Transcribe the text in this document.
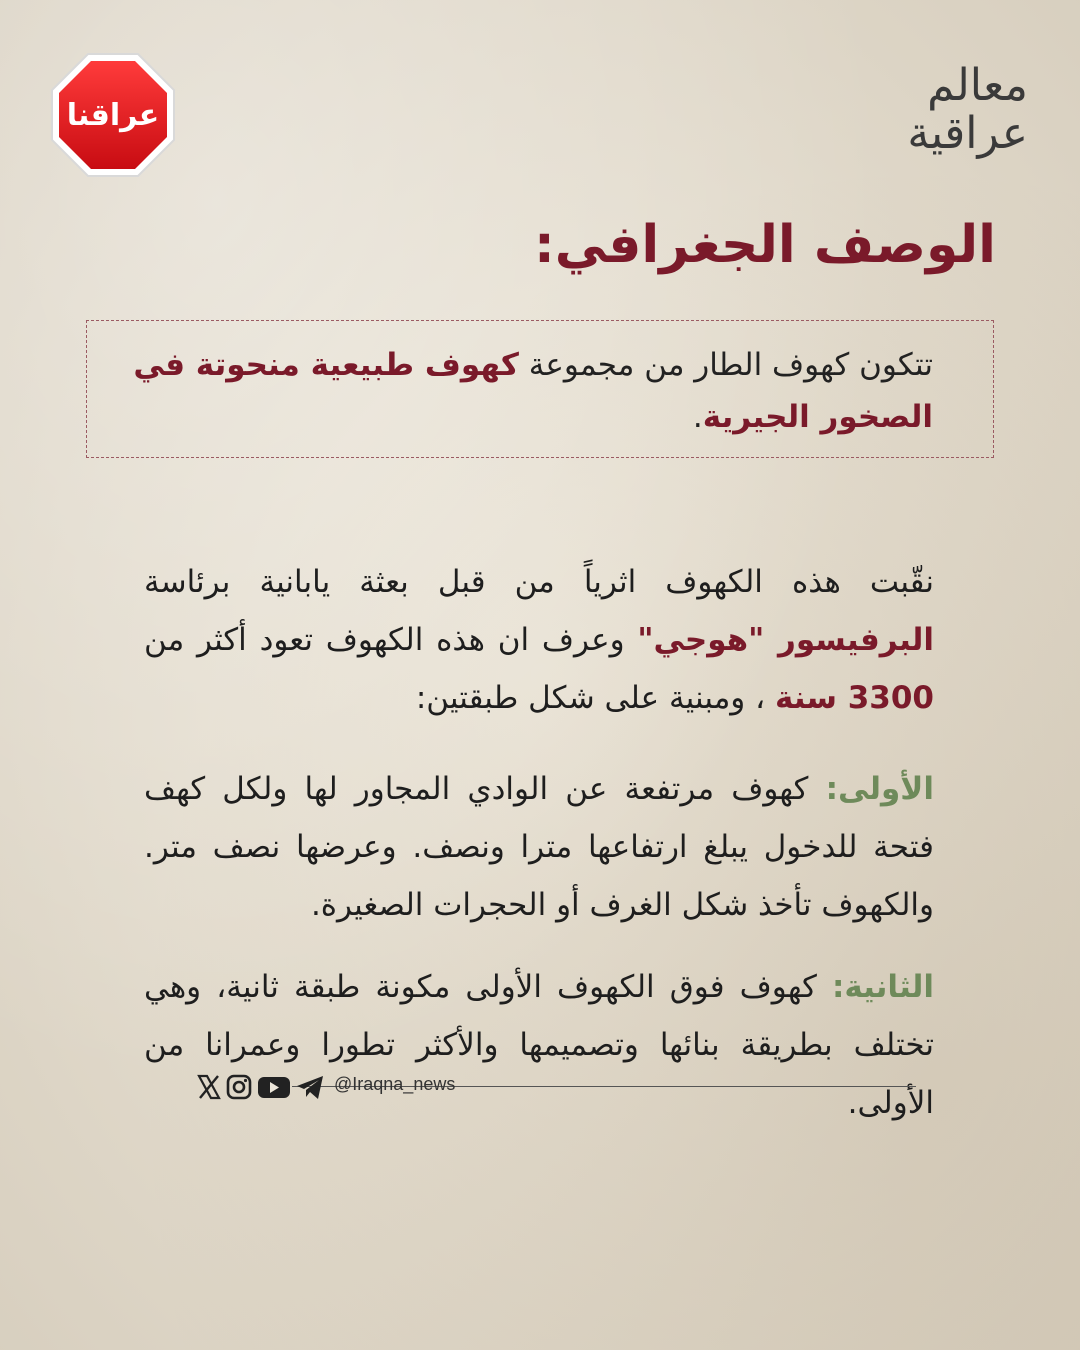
عراقنا
معالم
عراقية
الوصف الجغرافي:
تتكون كهوف الطار من مجموعة كهوف طبيعية منحوتة في الصخور الجيرية.
نقّبت هذه الكهوف اثرياً من قبل بعثة يابانية برئاسة البرفيسور "هوجي" وعرف ان هذه الكهوف تعود أكثر من 3300 سنة ، ومبنية على شكل طبقتين:
الأولى: كهوف مرتفعة عن الوادي المجاور لها ولكل كهف فتحة للدخول يبلغ ارتفاعها مترا ونصف. وعرضها نصف متر. والكهوف تأخذ شكل الغرف أو الحجرات الصغيرة.
الثانية: كهوف فوق الكهوف الأولى مكونة طبقة ثانية، وهي تختلف بطريقة بنائها وتصميمها والأكثر تطورا وعمرانا من الأولى.
@Iraqna_news
